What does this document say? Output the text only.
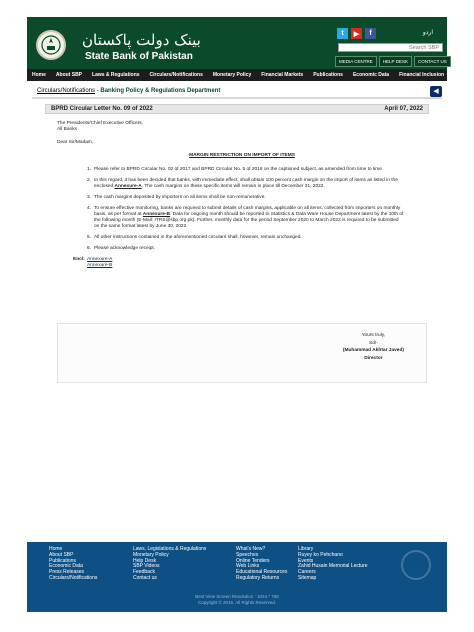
بینک دولت پاکستان
State Bank of Pakistan
t	▶	f	اردو
Search SBP
MEDIA CENTRE	HELP DESK	CONTACT US
Home	About SBP	Laws & Regulations	Circulars/Notifications	Monetary Policy	Financial Markets	Publications	Economic Data	Financial Inclusion
Circulars/Notifications - Banking Policy & Regulations Department	◀
BPRD Circular Letter No. 09 of 2022	April 07, 2022

The Presidents/Chief Executive Officers,

All Banks

Dear Sir/Madam,

MARGIN RESTRICTION ON IMPORT OF ITEMS

1. Please refer to BPRD Circular No. 02 of 2017 and BPRD Circular No. 5 of 2018 on the captioned subject, as amended from time to time.
2. In this regard, it has been decided that banks, with immediate effect, shall obtain 100 percent cash margin on the import of items as listed in the enclosed Annexure-A. The cash margins on these specific items will remain in place till December 31, 2022.
3. The cash margins deposited by importers on all items shall be non-remunerative.
4. To ensure effective monitoring, banks are required to submit details of cash margins, applicable on all items, collected from importers on monthly basis, as per format at Annexure-B. Data for ongoing month should be reported to Statistics & Data Ware House Department latest by the 10th of the following month (E-Mail: ITRS@sbp.org.pk). Further, monthly data for the period September 2020 to March 2022 is required to be submitted on the same format latest by June 30, 2022.
5. All other instructions contained in the aforementioned circulars shall, however, remain unchanged.
6. Please acknowledge receipt.
Encl: Annexure-A
Annexure-B
Yours truly,
Sd/-
(Muhammad Akhtar Javed)
Director
Home
About SBP
Publications
Economic Data
Press Releases
Circulars/Notifications
Laws, Legislations & Regulations
Monetary Policy
Help Desk
SBP Videos
Feedback
Contact us
What's New?
Speeches
Online Tenders
Web Links
Educational Resources
Regulatory Returns
Library
Ruyey ko Pehchano
Events
Zahid Husain Memorial Lecture
Careers
Sitemap
Best View Screen Resolution : 1024 * 768
Copyright © 2016. All Rights Reserved.
